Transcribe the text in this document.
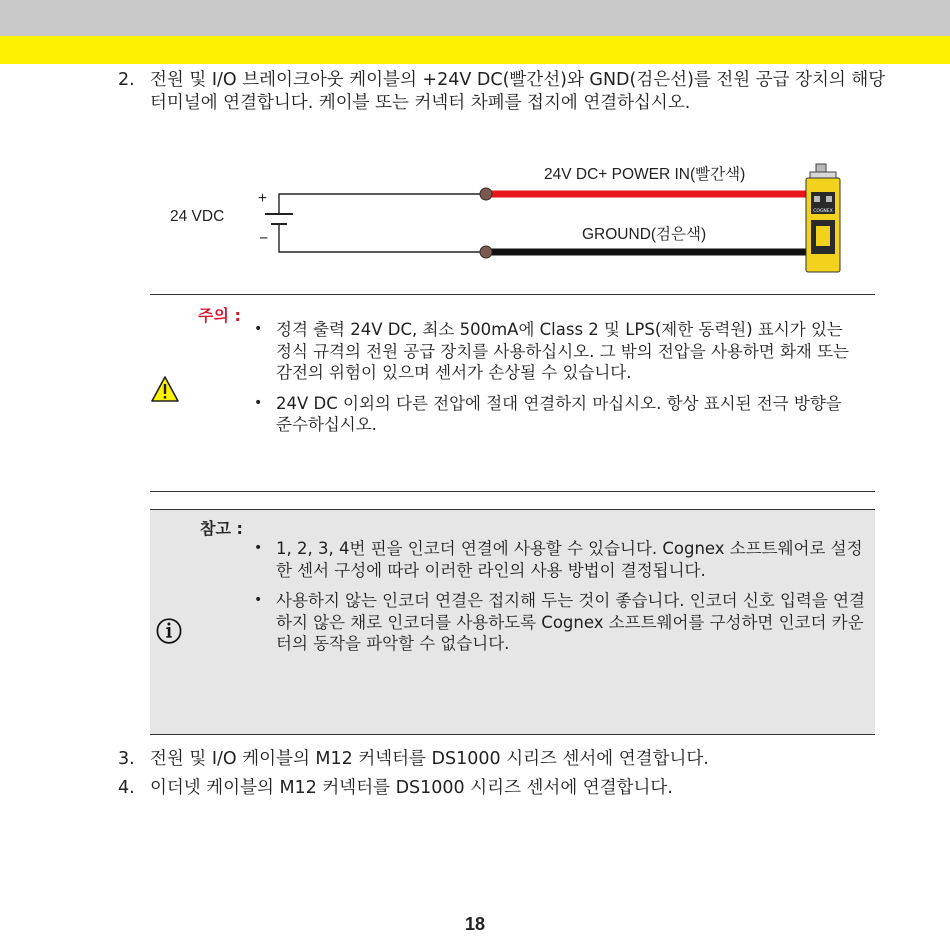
2. 전원 및 I/O 브레이크아웃 케이블의 +24V DC(빨간선)와 GND(검은선)를 전원 공급 장치의 해당 터미널에 연결합니다. 케이블 또는 커넥터 차폐를 접지에 연결하십시오.
COGNEX
24V DC+ POWER IN(빨간색)
GROUND(검은색)
24 VDC
+
−
주의 :
• 정격 출력 24V DC, 최소 500mA에 Class 2 및 LPS(제한 동력원) 표시가 있는 정식 규격의 전원 공급 장치를 사용하십시오. 그 밖의 전압을 사용하면 화재 또는 감전의 위험이 있으며 센서가 손상될 수 있습니다.
• 24V DC 이외의 다른 전압에 절대 연결하지 마십시오. 항상 표시된 전극 방향을 준수하십시오.
참고 :
ⓘ
• 1, 2, 3, 4번 핀을 인코더 연결에 사용할 수 있습니다. Cognex 소프트웨어로 설정한 센서 구성에 따라 이러한 라인의 사용 방법이 결정됩니다.
• 사용하지 않는 인코더 연결은 접지해 두는 것이 좋습니다. 인코더 신호 입력을 연결하지 않은 채로 인코더를 사용하도록 Cognex 소프트웨어를 구성하면 인코더 카운터의 동작을 파악할 수 없습니다.
3. 전원 및 I/O 케이블의 M12 커넥터를 DS1000 시리즈 센서에 연결합니다.
4. 이더넷 케이블의 M12 커넥터를 DS1000 시리즈 센서에 연결합니다.
18
